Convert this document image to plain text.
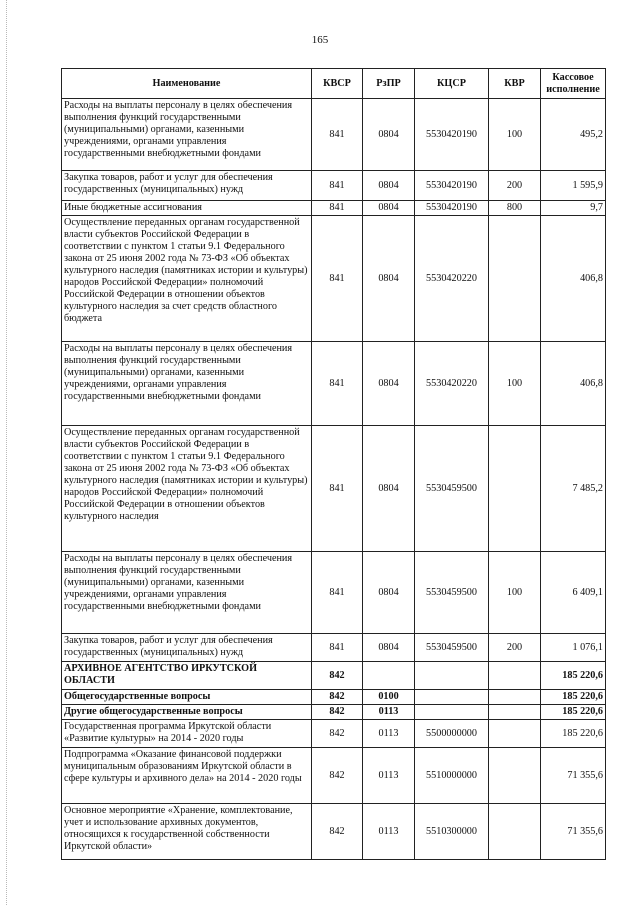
165
Наименование	КВСР	РзПР	КЦСР	КВР	Кассовое исполнение
Расходы на выплаты персоналу в целях обеспечения выполнения функций государственными (муниципальными) органами, казенными учреждениями, органами управления государственными внебюджетными фондами	841	0804	5530420190	100	495,2
Закупка товаров, работ и услуг для обеспечения государственных (муниципальных) нужд	841	0804	5530420190	200	1 595,9
Иные бюджетные ассигнования	841	0804	5530420190	800	9,7
Осуществление переданных органам государственной власти субъектов Российской Федерации в соответствии с пунктом 1 статьи 9.1 Федерального закона от 25 июня 2002 года № 73-ФЗ «Об объектах культурного наследия (памятниках истории и культуры) народов Российской Федерации» полномочий Российской Федерации в отношении объектов культурного наследия за счет средств областного бюджета	841	0804	5530420220		406,8
Расходы на выплаты персоналу в целях обеспечения выполнения функций государственными (муниципальными) органами, казенными учреждениями, органами управления государственными внебюджетными фондами	841	0804	5530420220	100	406,8
Осуществление переданных органам государственной власти субъектов Российской Федерации в соответствии с пунктом 1 статьи 9.1 Федерального закона от 25 июня 2002 года № 73-ФЗ «Об объектах культурного наследия (памятниках истории и культуры) народов Российской Федерации» полномочий Российской Федерации в отношении объектов культурного наследия	841	0804	5530459500		7 485,2
Расходы на выплаты персоналу в целях обеспечения выполнения функций государственными (муниципальными) органами, казенными учреждениями, органами управления государственными внебюджетными фондами	841	0804	5530459500	100	6 409,1
Закупка товаров, работ и услуг для обеспечения государственных (муниципальных) нужд	841	0804	5530459500	200	1 076,1
АРХИВНОЕ АГЕНТСТВО ИРКУТСКОЙ ОБЛАСТИ	842				185 220,6
Общегосударственные вопросы	842	0100			185 220,6
Другие общегосударственные вопросы	842	0113			185 220,6
Государственная программа Иркутской области «Развитие культуры» на 2014 - 2020 годы	842	0113	5500000000		185 220,6
Подпрограмма «Оказание финансовой поддержки муниципальным образованиям Иркутской области в сфере культуры и архивного дела» на 2014 - 2020 годы	842	0113	5510000000		71 355,6
Основное мероприятие «Хранение, комплектование, учет и использование архивных документов, относящихся к государственной собственности Иркутской области»	842	0113	5510300000		71 355,6
